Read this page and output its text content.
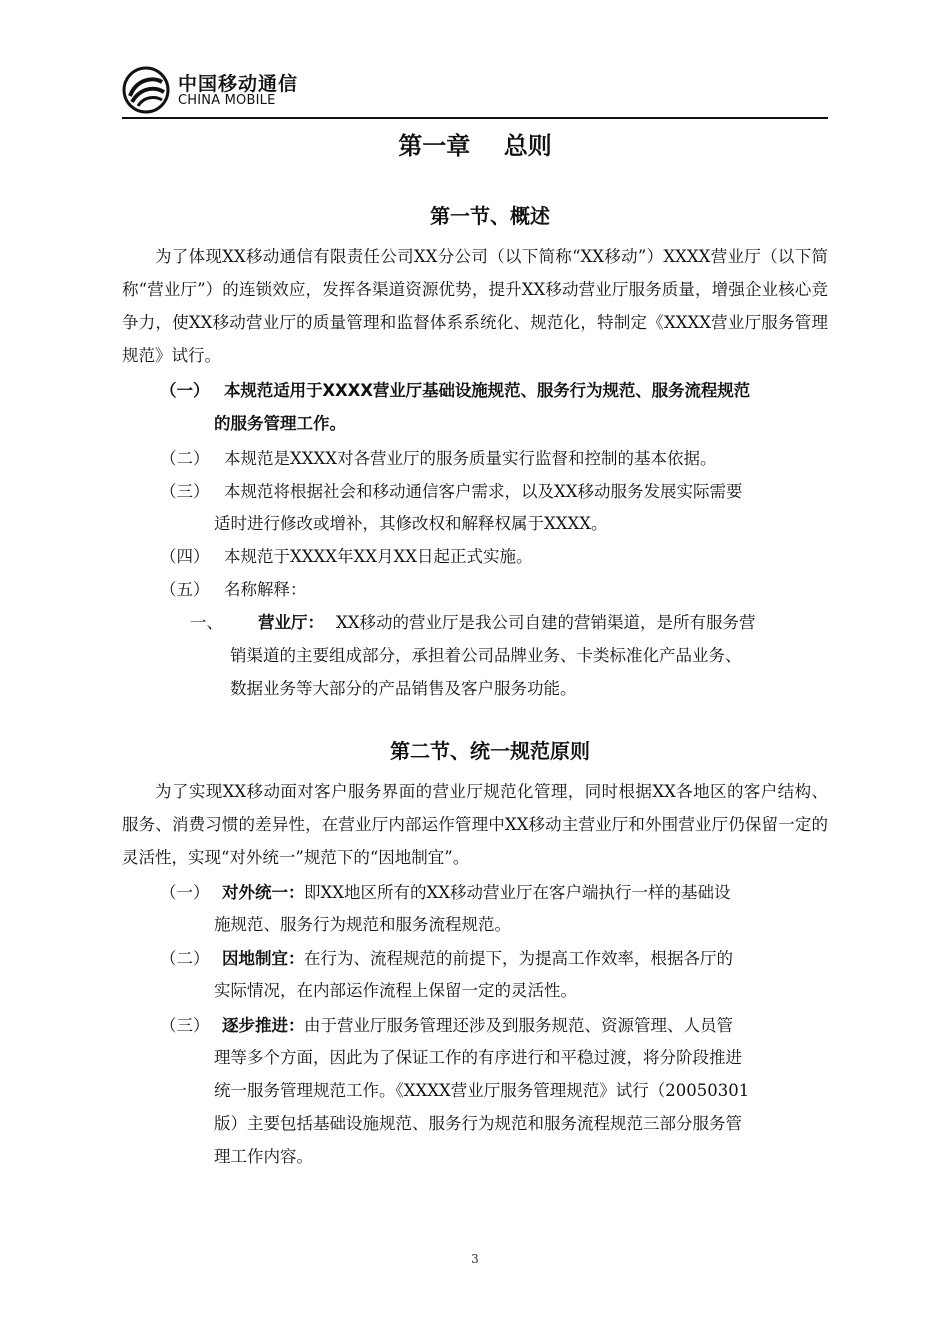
中国移动通信
CHINA MOBILE
第一章    总则
第一节、概述
为了体现XX移动通信有限责任公司XX分公司（以下简称“XX移动”）XXXX营业厅（以下简称“营业厅”）的连锁效应，发挥各渠道资源优势，提升XX移动营业厅服务质量，增强企业核心竞争力，使XX移动营业厅的质量管理和监督体系系统化、规范化，特制定《XXXX营业厅服务管理规范》试行。
（一） 本规范适用于XXXX营业厅基础设施规范、服务行为规范、服务流程规范
的服务管理工作。
（二） 本规范是XXXX对各营业厅的服务质量实行监督和控制的基本依据。
（三） 本规范将根据社会和移动通信客户需求，以及XX移动服务发展实际需要
适时进行修改或增补，其修改权和解释权属于XXXX。
（四） 本规范于XXXX年XX月XX日起正式实施。
（五） 名称解释：
一、 营业厅： XX移动的营业厅是我公司自建的营销渠道，是所有服务营
销渠道的主要组成部分，承担着公司品牌业务、卡类标准化产品业务、
数据业务等大部分的产品销售及客户服务功能。
第二节、统一规范原则
为了实现XX移动面对客户服务界面的营业厅规范化管理，同时根据XX各地区的客户结构、服务、消费习惯的差异性，在营业厅内部运作管理中XX移动主营业厅和外围营业厅仍保留一定的灵活性，实现“对外统一”规范下的“因地制宜”。
（一） 对外统一： 即XX地区所有的XX移动营业厅在客户端执行一样的基础设
施规范、服务行为规范和服务流程规范。
（二） 因地制宜： 在行为、流程规范的前提下，为提高工作效率，根据各厅的
实际情况，在内部运作流程上保留一定的灵活性。
（三） 逐步推进： 由于营业厅服务管理还涉及到服务规范、资源管理、人员管
理等多个方面，因此为了保证工作的有序进行和平稳过渡，将分阶段推进
统一服务管理规范工作。《XXXX营业厅服务管理规范》试行（20050301
版）主要包括基础设施规范、服务行为规范和服务流程规范三部分服务管
理工作内容。
3
